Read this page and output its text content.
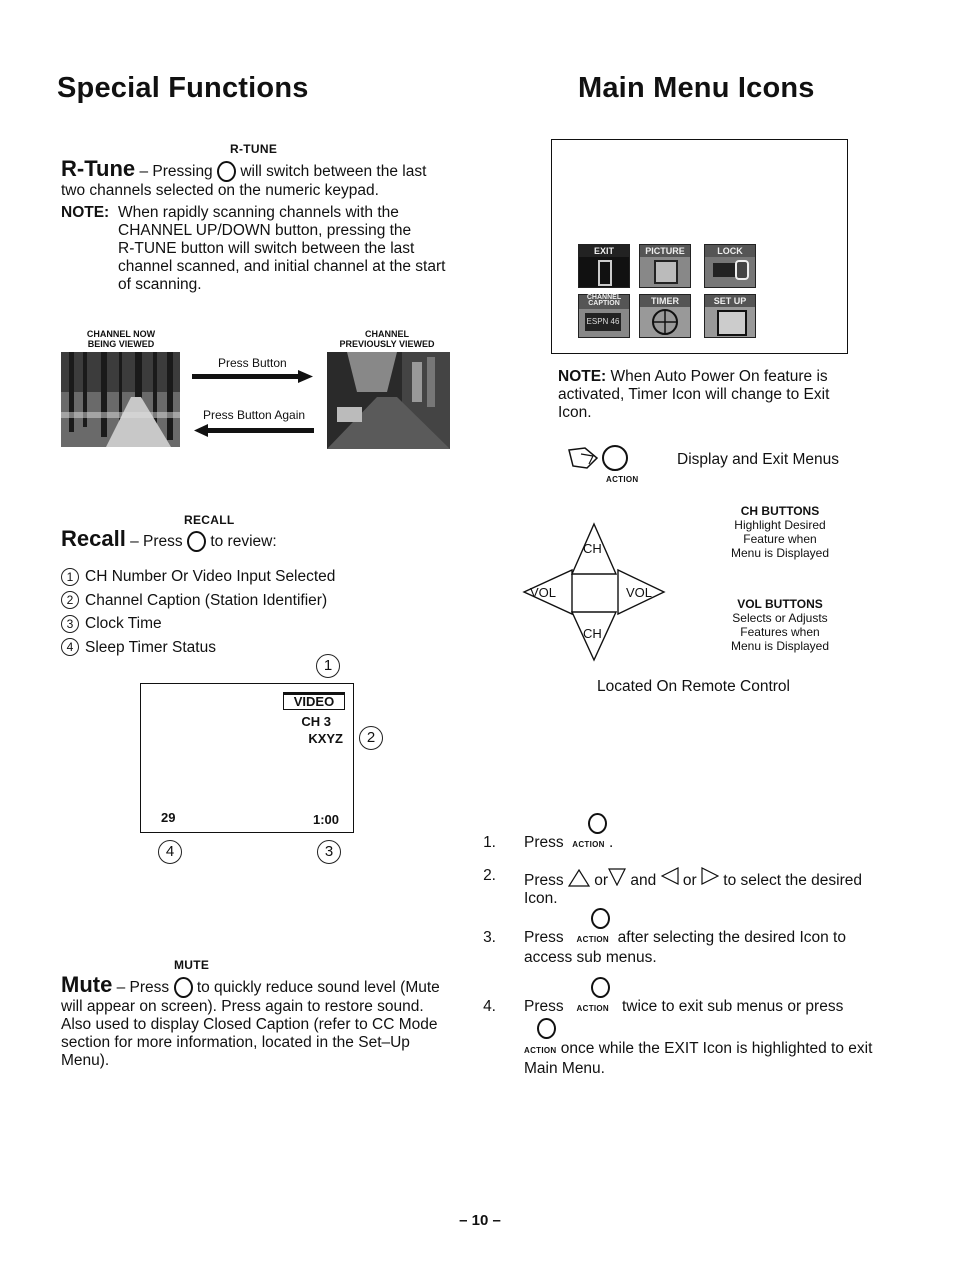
Special Functions	Main Menu Icons
R-TUNE
R-Tune – Pressing will switch between the last
two channels selected on the numeric keypad.
NOTE: When rapidly scanning channels with the
CHANNEL UP/DOWN button, pressing the
R-TUNE button will switch between the last
channel scanned, and initial channel at the start
of scanning.
CHANNEL NOW
BEING VIEWED
CHANNEL
PREVIOUSLY VIEWED
Press Button
Press Button Again
RECALL
Recall – Press to review:
1 CH Number Or Video Input Selected
2 Channel Caption (Station Identifier)
3 Clock Time
4 Sleep Timer Status
VIDEO
CH 3
KXYZ
29	1:00
1
2
3
4
MUTE
Mute – Press to quickly reduce sound level (Mute
will appear on screen). Press again to restore sound.
Also used to display Closed Caption (refer to CC Mode
section for more information, located in the Set–Up
Menu).
EXIT	PICTURE	LOCK
CHANNEL CAPTION
ESPN 46
TIMER	SET UP
NOTE: When Auto Power On feature is
activated, Timer Icon will change to Exit
Icon.
ACTION
Display and Exit Menus
CH
CH
VOL	VOL
CH BUTTONS
Highlight Desired
Feature when
Menu is Displayed
VOL BUTTONS
Selects or Adjusts
Features when
Menu is Displayed
Located On Remote Control
1. Press ACTION .
2. Press or and or to select the desired
Icon.
3. Press ACTION after selecting the desired Icon to
access sub menus.
4. Press ACTION twice to exit sub menus or press
ACTION once while the EXIT Icon is highlighted to exit
Main Menu.
– 10 –
